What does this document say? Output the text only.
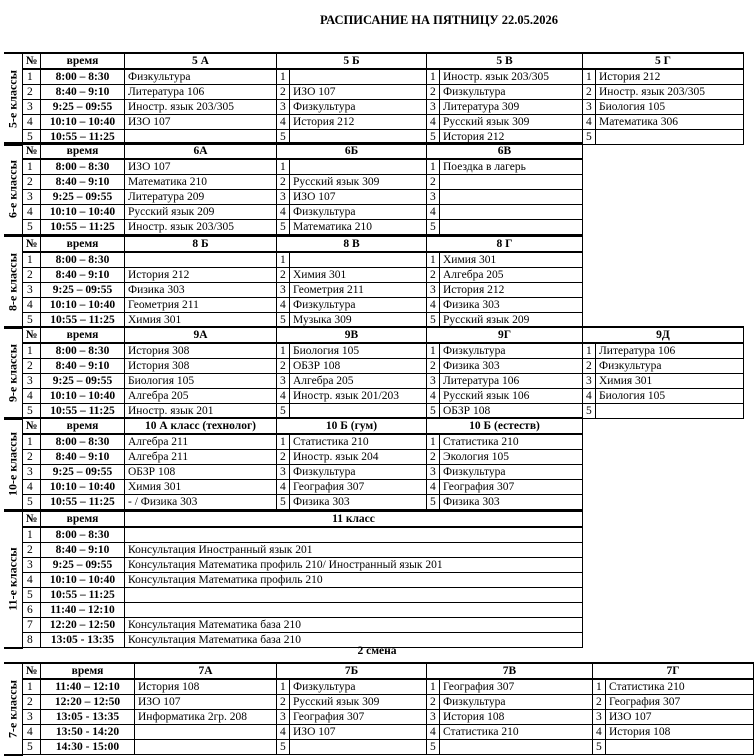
РАСПИСАНИЕ НА ПЯТНИЦУ 22.05.2026
5-е классы	№	время	5 А	5 Б		5 В		5 Г	
	1	8:00 – 8:30	Физкультура	1		1	Иностр. язык 203/305	1	История 212
	2	8:40 – 9:10	Литература 106	2	ИЗО 107	2	Физкультура	2	Иностр. язык 203/305
	3	9:25 – 09:55	Иностр. язык 203/305	3	Физкультура	3	Литература 309	3	Биология 105
	4	10:10 – 10:40	ИЗО 107	4	История 212	4	Русский язык 309	4	Математика 306
	5	10:55 – 11:25		5		5	История 212	5	
6-е классы	№	время	6А	6Б		6В	
	1	8:00 – 8:30	ИЗО 107	1		1	Поездка в лагерь
	2	8:40 – 9:10	Математика 210	2	Русский язык 309	2	
	3	9:25 – 09:55	Литература 209	3	ИЗО 107	3	
	4	10:10 – 10:40	Русский язык 209	4	Физкультура	4	
	5	10:55 – 11:25	Иностр. язык 203/305	5	Математика 210	5	
8-е классы	№	время	8 Б	8 В		8 Г	
	1	8:00 – 8:30		1		1	Химия 301
	2	8:40 – 9:10	История 212	2	Химия 301	2	Алгебра 205
	3	9:25 – 09:55	Физика 303	3	Геометрия 211	3	История 212
	4	10:10 – 10:40	Геометрия 211	4	Физкультура	4	Физика 303
	5	10:55 – 11:25	Химия 301	5	Музыка 309	5	Русский язык 209
9-е классы	№	время	9А	9В		9Г		9Д	
	1	8:00 – 8:30	История 308	1	Биология 105	1	Физкультура	1	Литература 106
	2	8:40 – 9:10	История 308	2	ОБЗР 108	2	Физика 303	2	Физкультура
	3	9:25 – 09:55	Биология 105	3	Алгебра 205	3	Литература 106	3	Химия 301
	4	10:10 – 10:40	Алгебра 205	4	Иностр. язык 201/203	4	Русский язык 106	4	Биология 105
	5	10:55 – 11:25	Иностр. язык 201	5		5	ОБЗР 108	5	
10-е классы	№	время	10 А класс (технолог)	10 Б (гум)		10 Б (естеств)	
	1	8:00 – 8:30	Алгебра 211	1	Статистика 210	1	Статистика 210
	2	8:40 – 9:10	Алгебра 211	2	Иностр. язык 204	2	Экология 105
	3	9:25 – 09:55	ОБЗР 108	3	Физкультура	3	Физкультура
	4	10:10 – 10:40	Химия 301	4	География 307	4	География 307
	5	10:55 – 11:25	- / Физика 303	5	Физика 303	5	Физика 303
11-е классы	№	время	11 класс
	1	8:00 – 8:30	
	2	8:40 – 9:10	Консультация Иностранный язык 201
	3	9:25 – 09:55	Консультация Математика профиль 210/ Иностранный язык 201
	4	10:10 – 10:40	Консультация Математика профиль 210
	5	10:55 – 11:25	
	6	11:40 – 12:10	
	7	12:20 – 12:50	Консультация Математика база 210
	8	13:05 - 13:35	Консультация Математика база 210
2 смена
7-е классы	№	время	7А	7Б		7В		7Г	
	1	11:40 – 12:10	История 108	1	Физкультура	1	География 307	1	Статистика 210
	2	12:20 – 12:50	ИЗО 107	2	Русский язык 309	2	Физкультура	2	География 307
	3	13:05 - 13:35	Информатика 2гр. 208	3	География 307	3	История 108	3	ИЗО 107
	4	13:50 - 14:20		4	ИЗО 107	4	Статистика 210	4	История 108
	5	14:30 - 15:00		5		5		5	
